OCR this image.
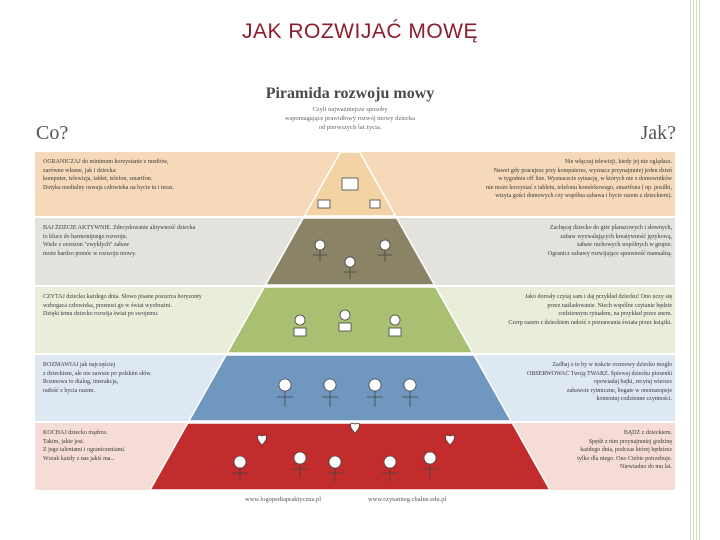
JAK ROZWIJAĆ MOWĘ
Piramida rozwoju mowy
Czyli najważniejsze sposoby
wspomagające prawidłowy rozwój mowy dziecka
od pierwszych lat życia.
Co?	Jak?
OGRANICZAJ do minimum korzystanie z mediów,
zarówno własne, jak i dziecka:
komputer, telewizja, tablet, telefon, smartfon.
Dotyka medialny oswaja człowieka na bycie tu i teraz.
Nie włączaj telewizji, kiedy jej nie oglądasz.
Nawet gdy pracujesz przy komputerze, wyznacz przynajmniej jeden dzień
w tygodniu off line. Wyznaczcie sytuację, w których nie z domowników
nie może korzystać z tabletu, telefonu komórkowego, smartfona ( np. posiłki,
wizyta gości domowych czy wspólna zabawa i bycie razem z dzieckiem).
BAJ ŻDŹCIE AKTYWNIE. Zdecydowanie aktywność dziecka
to klucz do harmonijnego rozwoju.
Wiele z ocenzon "zwykłych" zabaw
może bardzo pomóc w rozwoju mowy.
Zachęcaj dziecko do gier planszowych i słownych,
zabaw wyzwalających kreatywność językową,
zabaw ruchowych wspólnych w grupie.
Ogranicz zabawy rozwijające sprawność manualną.
CZYTAJ dziecku każdego dnia. Słowo pisane poszerza horyzonty
wzbogaca człowieka, przenosi go w świat wyobraźni.
Dzięki temu dziecko rozwija świat po swojemu.
Jako dorosły czytaj sam i daj przykład dziecku! Ono uczy się
przez naśladowanie. Niech wspólne czytanie będzie
codziennym rytuałem, na przykład przez snem.
Czerp razem z dzieckiem radość z poznawania świata przez książki.
ROZMAWIAJ jak najczęściej
z dzieckiem, ale nie zawsze po polskim słów.
Rozmowa to dialog, interakcja,
radość z bycia razem.
Zadbaj o to by w trakcie rozmowy dziecko mogło
OBSERWOWAĆ Twoją TWARZ. Śpiewaj dziecku piosenki
opowiadaj bajki, recytuj wiersze
zabawcie rytmiczne, bogate w onomatopeje
komentuj codzienne czynności.
KOCHAJ dziecko mądrze.
Takim, jakie jest.
Z jego talentami i ograniczeniami.
Wszak każdy z nas jakiś ma...
BĄDŹ z dzieckiem.
Spędź z nim przynajmniej godzinę
każdego dnia, podczas której będziesz
tylko dla niego. Ono Ciebie potrzebuje.
Niewiadno do mu lat.
www.logopediapraktyczna.pl	www.czytamieg.cbalne.edu.pl
